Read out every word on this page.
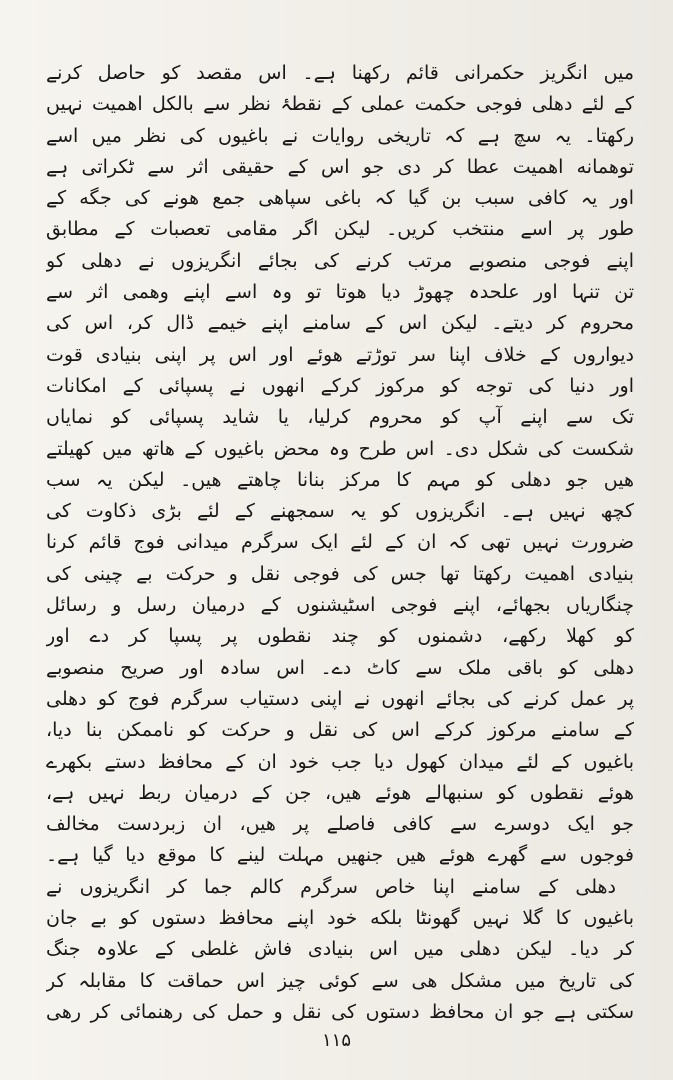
میں انگریز حکمرانی قائم رکھنا ہے۔ اس مقصد کو حاصل کرنے
کے لئے دھلی فوجی حکمت عملی کے نقطۂ نظر سے بالکل اھمیت نہیں
رکھتا۔ یہ سچ ہے کہ تاریخی روایات نے باغیوں کی نظر میں اسے
توھمانه اھمیت عطا کر دی جو اس کے حقیقی اثر سے ٹکراتی ہے
اور یہ کافی سبب بن گیا کہ باغی سپاھی جمع ھونے کی جگه کے
طور پر اسے منتخب کریں۔ لیکن اگر مقامی تعصبات کے مطابق
اپنے فوجی منصوبے مرتب کرنے کی بجائے انگریزوں نے دھلی کو
تن تنہا اور علحدہ چھوڑ دیا ھوتا تو وہ اسے اپنے وھمی اثر سے
محروم کر دیتے۔ لیکن اس کے سامنے اپنے خیمے ڈال کر، اس کی
دیواروں کے خلاف اپنا سر توڑتے ھوئے اور اس پر اپنی بنیادی قوت
اور دنیا کی توجه کو مرکوز کرکے انھوں نے پسپائی کے امکانات
تک سے اپنے آپ کو محروم کرلیا، یا شاید پسپائی کو نمایاں
شکست کی شکل دی۔ اس طرح وہ محض باغیوں کے ھاتھ میں کھیلتے
ھیں جو دھلی کو مہم کا مرکز بنانا چاھتے ھیں۔ لیکن یہ سب
کچھ نہیں ہے۔ انگریزوں کو یہ سمجھنے کے لئے بڑی ذکاوت کی
ضرورت نہیں تھی کہ ان کے لئے ایک سرگرم میدانی فوج قائم کرنا
بنیادی اھمیت رکھتا تھا جس کی فوجی نقل و حرکت بے چینی کی
چنگاریاں بجھائے، اپنے فوجی اسٹیشنوں کے درمیان رسل و رسائل
کو کھلا رکھے، دشمنوں کو چند نقطوں پر پسپا کر دے اور
دھلی کو باقی ملک سے کاٹ دے۔ اس سادہ اور صریح منصوبے
پر عمل کرنے کی بجائے انھوں نے اپنی دستیاب سرگرم فوج کو دھلی
کے سامنے مرکوز کرکے اس کی نقل و حرکت کو ناممکن بنا دیا،
باغیوں کے لئے میدان کھول دیا جب خود ان کے محافظ دستے بکھرے
ھوئے نقطوں کو سنبھالے ھوئے ھیں، جن کے درمیان ربط نہیں ہے،
جو ایک دوسرے سے کافی فاصلے پر ھیں، ان زبردست مخالف
فوجوں سے گھرے ھوئے ھیں جنھیں مہلت لینے کا موقع دیا گیا ہے۔
دھلی کے سامنے اپنا خاص سرگرم کالم جما کر انگریزوں نے
باغیوں کا گلا نہیں گھونٹا بلکه خود اپنے محافظ دستوں کو بے جان
کر دیا۔ لیکن دھلی میں اس بنیادی فاش غلطی کے علاوہ جنگ
کی تاریخ میں مشکل ھی سے کوئی چیز اس حماقت کا مقابلہ کر
سکتی ہے جو ان محافظ دستوں کی نقل و حمل کی رھنمائی کر رھی
۱۱۵
